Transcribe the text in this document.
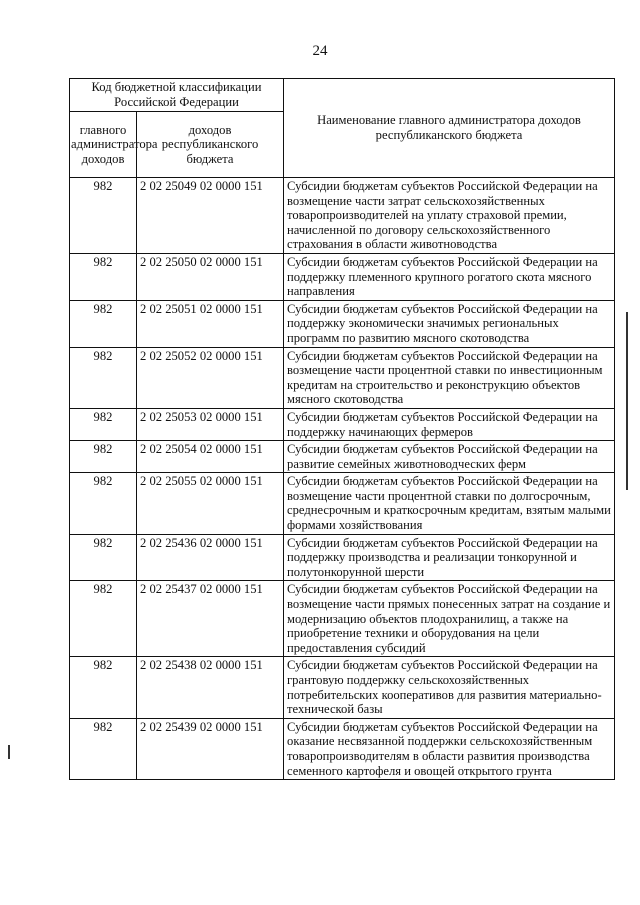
24
Код бюджетной классификации Российской Федерации		Наименование главного администратора доходов республиканского бюджета
главного администратора доходов	доходов республиканского бюджета	
982	2 02 25049 02 0000 151	Субсидии бюджетам субъектов Российской Федерации на возмещение части затрат сельскохозяйственных товаропроизводителей на уплату страховой премии, начисленной по договору сельскохозяйственного страхования в области животноводства
982	2 02 25050 02 0000 151	Субсидии бюджетам субъектов Российской Федерации на поддержку племенного крупного рогатого скота мясного направления
982	2 02 25051 02 0000 151	Субсидии бюджетам субъектов Российской Федерации на поддержку экономически значимых региональных программ по развитию мясного скотоводства
982	2 02 25052 02 0000 151	Субсидии бюджетам субъектов Российской Федерации на возмещение части процентной ставки по инвестиционным кредитам на строительство и реконструкцию объектов мясного скотоводства
982	2 02 25053 02 0000 151	Субсидии бюджетам субъектов Российской Федерации на поддержку начинающих фермеров
982	2 02 25054 02 0000 151	Субсидии бюджетам субъектов Российской Федерации на развитие семейных животноводческих ферм
982	2 02 25055 02 0000 151	Субсидии бюджетам субъектов Российской Федерации на возмещение части процентной ставки по долгосрочным, среднесрочным и краткосрочным кредитам, взятым малыми формами хозяйствования
982	2 02 25436 02 0000 151	Субсидии бюджетам субъектов Российской Федерации на поддержку производства и реализации тонкорунной и полутонкорунной шерсти
982	2 02 25437 02 0000 151	Субсидии бюджетам субъектов Российской Федерации на возмещение части прямых понесенных затрат на создание и модернизацию объектов плодохранилищ, а также на приобретение техники и оборудования на цели предоставления субсидий
982	2 02 25438 02 0000 151	Субсидии бюджетам субъектов Российской Федерации на грантовую поддержку сельскохозяйственных потребительских кооперативов для развития материально-технической базы
982	2 02 25439 02 0000 151	Субсидии бюджетам субъектов Российской Федерации на оказание несвязанной поддержки сельскохозяйственным товаропроизводителям в области развития производства семенного картофеля и овощей открытого грунта
